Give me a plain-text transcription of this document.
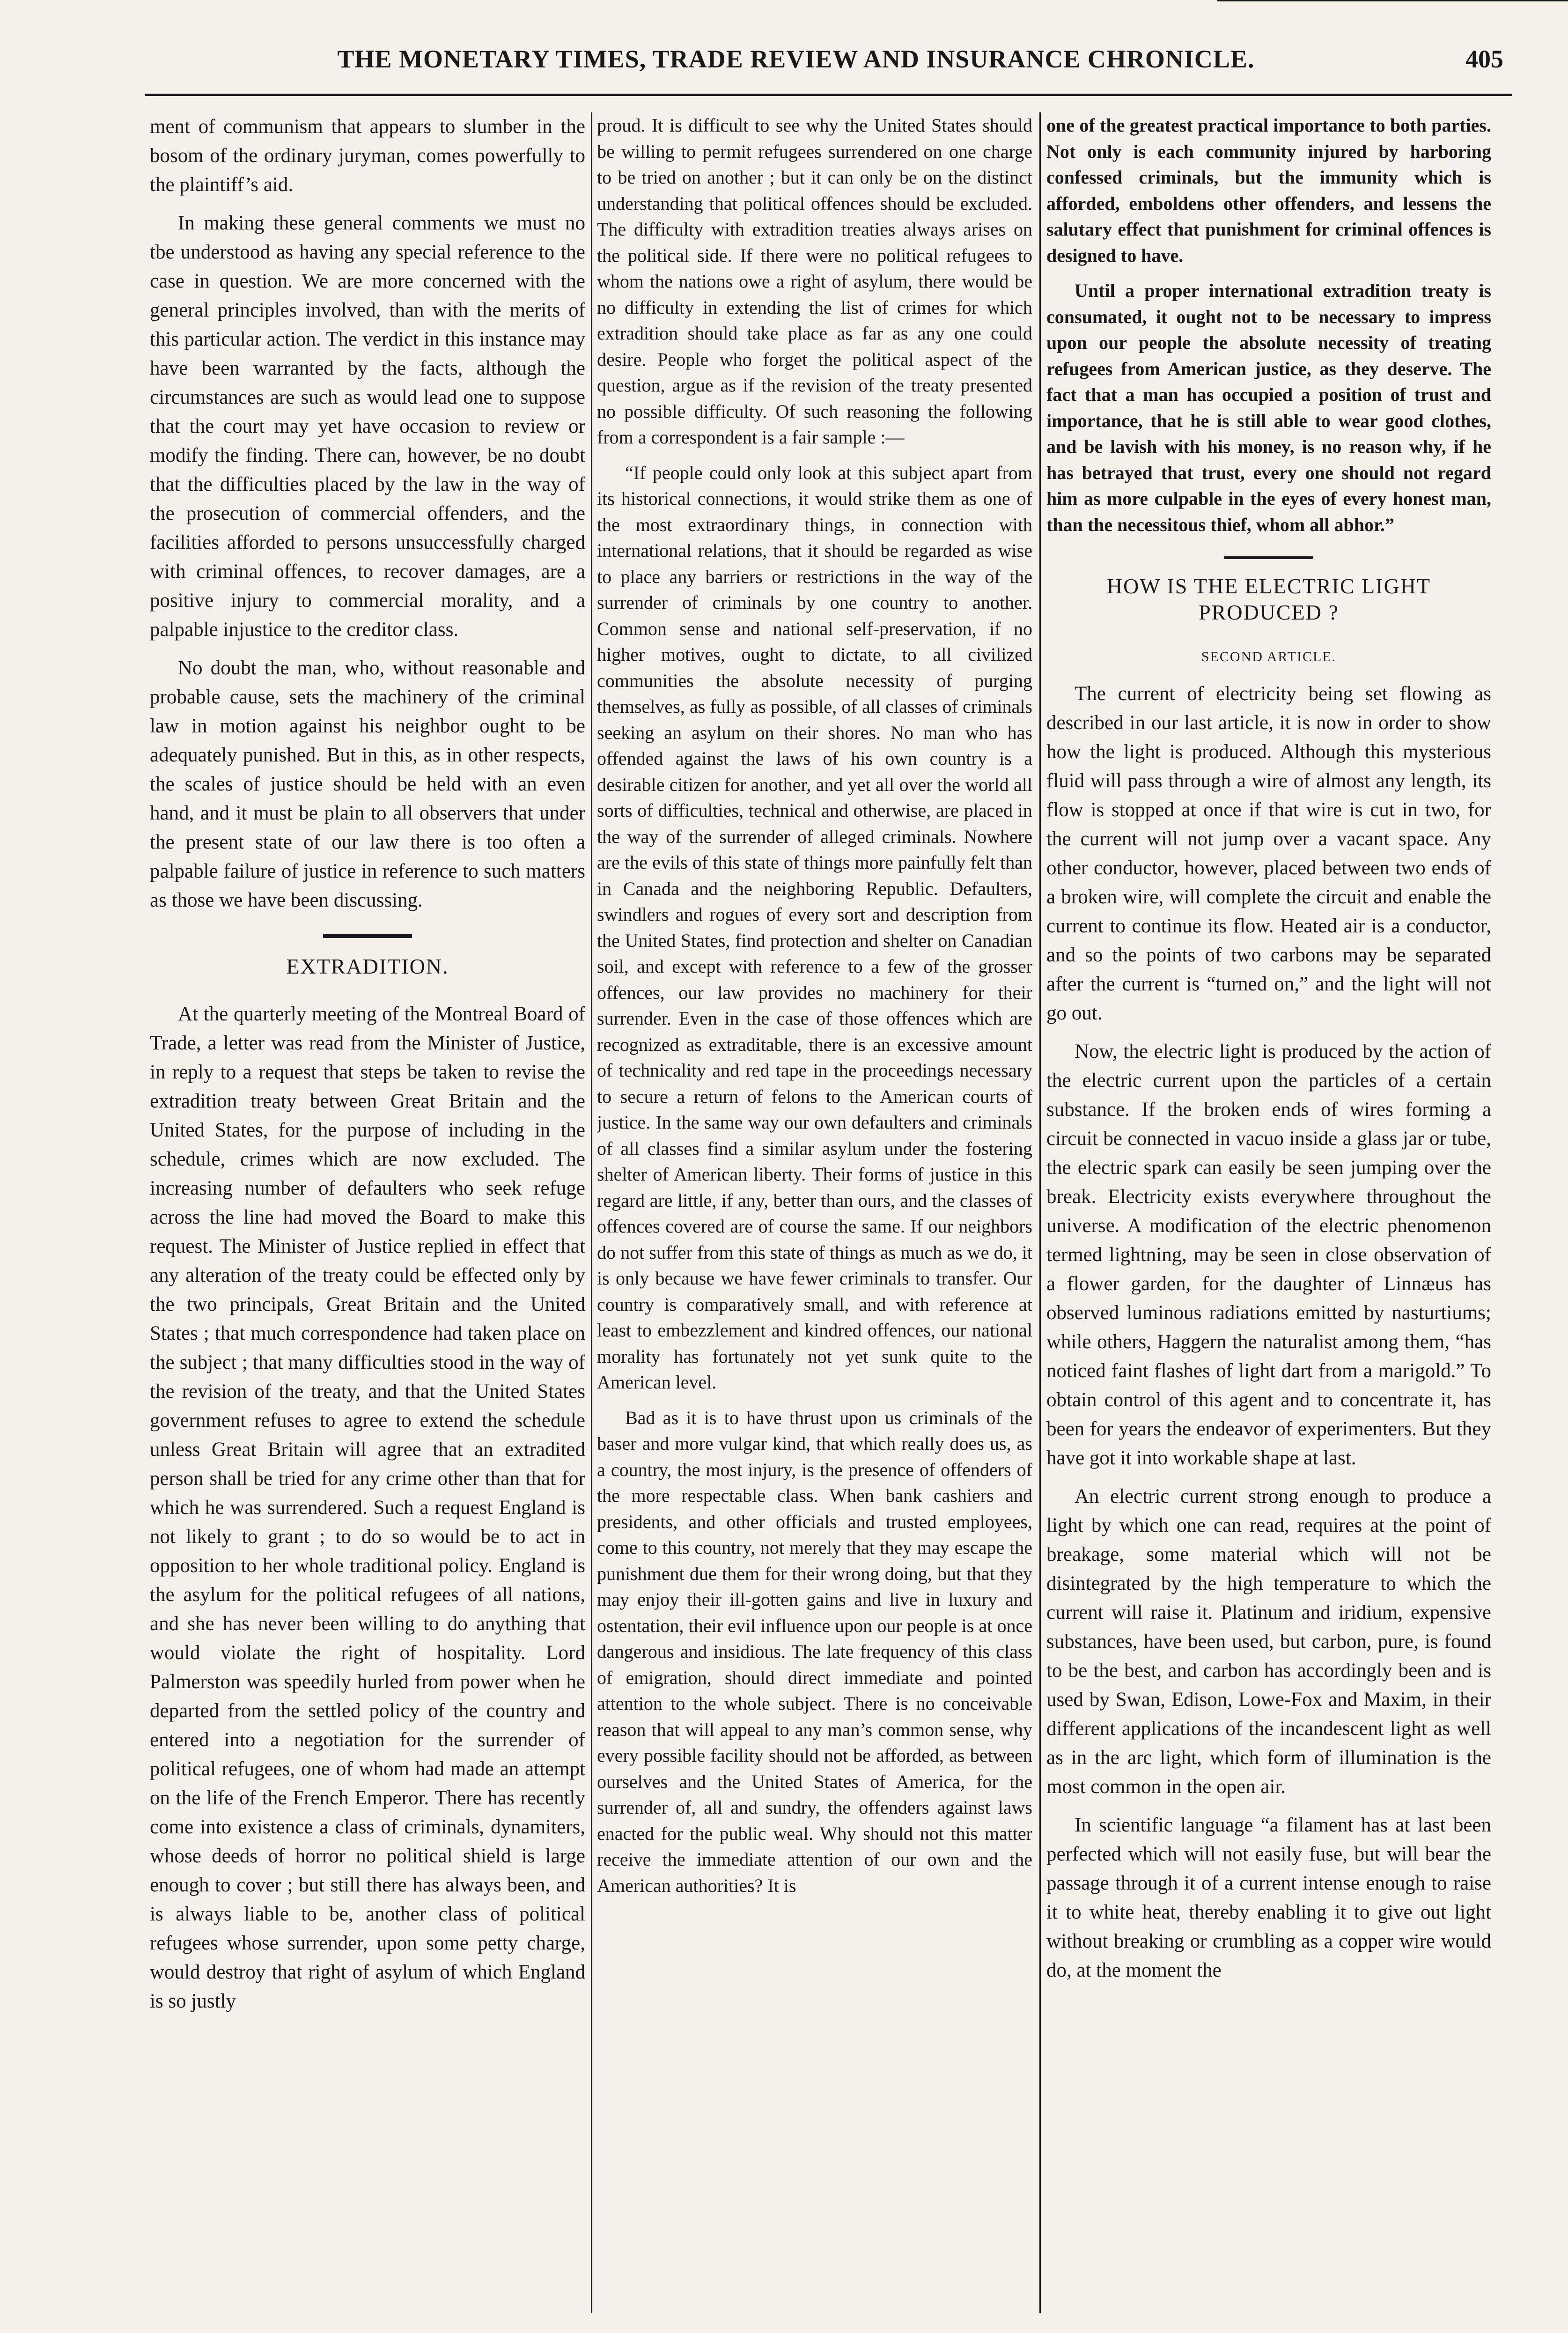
THE MONETARY TIMES, TRADE REVIEW AND INSURANCE CHRONICLE.	405

ment of communism that appears to slumber in the bosom of the ordinary juryman, comes powerfully to the plaintiff’s aid.

In making these general comments we must no tbe understood as having any special reference to the case in question. We are more concerned with the general principles involved, than with the merits of this particular action. The verdict in this instance may have been warranted by the facts, although the circumstances are such as would lead one to suppose that the court may yet have occasion to review or modify the finding. There can, however, be no doubt that the difficulties placed by the law in the way of the prosecution of commercial offenders, and the facilities afforded to persons unsuccessfully charged with criminal offences, to recover damages, are a positive injury to commercial morality, and a palpable injustice to the creditor class.

No doubt the man, who, without reasonable and probable cause, sets the machinery of the criminal law in motion against his neighbor ought to be adequately punished. But in this, as in other respects, the scales of justice should be held with an even hand, and it must be plain to all observers that under the present state of our law there is too often a palpable failure of justice in reference to such matters as those we have been discussing.

EXTRADITION.

At the quarterly meeting of the Montreal Board of Trade, a letter was read from the Minister of Justice, in reply to a request that steps be taken to revise the extradition treaty between Great Britain and the United States, for the purpose of including in the schedule, crimes which are now excluded. The increasing number of defaulters who seek refuge across the line had moved the Board to make this request. The Minister of Justice replied in effect that any alteration of the treaty could be effected only by the two principals, Great Britain and the United States ; that much correspondence had taken place on the subject ; that many difficulties stood in the way of the revision of the treaty, and that the United States government refuses to agree to extend the schedule unless Great Britain will agree that an extradited person shall be tried for any crime other than that for which he was surrendered. Such a request England is not likely to grant ; to do so would be to act in opposition to her whole traditional policy. England is the asylum for the political refugees of all nations, and she has never been willing to do anything that would violate the right of hospitality. Lord Palmerston was speedily hurled from power when he departed from the settled policy of the country and entered into a negotiation for the surrender of political refugees, one of whom had made an attempt on the life of the French Emperor. There has recently come into existence a class of criminals, dynamiters, whose deeds of horror no political shield is large enough to cover ; but still there has always been, and is always liable to be, another class of political refugees whose surrender, upon some petty charge, would destroy that right of asylum of which England is so justly

proud. It is difficult to see why the United States should be willing to permit refugees surrendered on one charge to be tried on another ; but it can only be on the distinct understanding that political offences should be excluded. The difficulty with extradition treaties always arises on the political side. If there were no political refugees to whom the nations owe a right of asylum, there would be no difficulty in extending the list of crimes for which extradition should take place as far as any one could desire. People who forget the political aspect of the question, argue as if the revision of the treaty presented no possible difficulty. Of such reasoning the following from a correspondent is a fair sample :—

“If people could only look at this subject apart from its historical connections, it would strike them as one of the most extraordinary things, in connection with international relations, that it should be regarded as wise to place any barriers or restrictions in the way of the surrender of criminals by one country to another. Common sense and national self-preservation, if no higher motives, ought to dictate, to all civilized communities the absolute necessity of purging themselves, as fully as possible, of all classes of criminals seeking an asylum on their shores. No man who has offended against the laws of his own country is a desirable citizen for another, and yet all over the world all sorts of difficulties, technical and otherwise, are placed in the way of the surrender of alleged criminals. Nowhere are the evils of this state of things more painfully felt than in Canada and the neighboring Republic. Defaulters, swindlers and rogues of every sort and description from the United States, find protection and shelter on Canadian soil, and except with reference to a few of the grosser offences, our law provides no machinery for their surrender. Even in the case of those offences which are recognized as extraditable, there is an excessive amount of technicality and red tape in the proceedings necessary to secure a return of felons to the American courts of justice. In the same way our own defaulters and criminals of all classes find a similar asylum under the fostering shelter of American liberty. Their forms of justice in this regard are little, if any, better than ours, and the classes of offences covered are of course the same. If our neighbors do not suffer from this state of things as much as we do, it is only because we have fewer criminals to transfer. Our country is comparatively small, and with reference at least to embezzlement and kindred offences, our national morality has fortunately not yet sunk quite to the American level.

Bad as it is to have thrust upon us criminals of the baser and more vulgar kind, that which really does us, as a country, the most injury, is the presence of offenders of the more respectable class. When bank cashiers and presidents, and other officials and trusted employees, come to this country, not merely that they may escape the punishment due them for their wrong doing, but that they may enjoy their ill-gotten gains and live in luxury and ostentation, their evil influence upon our people is at once dangerous and insidious. The late frequency of this class of emigration, should direct immediate and pointed attention to the whole subject. There is no conceivable reason that will appeal to any man’s common sense, why every possible facility should not be afforded, as between ourselves and the United States of America, for the surrender of, all and sundry, the offenders against laws enacted for the public weal. Why should not this matter receive the immediate attention of our own and the American authorities? It is

one of the greatest practical importance to both parties. Not only is each community injured by harboring confessed criminals, but the immunity which is afforded, emboldens other offenders, and lessens the salutary effect that punishment for criminal offences is designed to have.

Until a proper international extradition treaty is consumated, it ought not to be necessary to impress upon our people the absolute necessity of treating refugees from American justice, as they deserve. The fact that a man has occupied a position of trust and importance, that he is still able to wear good clothes, and be lavish with his money, is no reason why, if he has betrayed that trust, every one should not regard him as more culpable in the eyes of every honest man, than the necessitous thief, whom all abhor.”

HOW IS THE ELECTRIC LIGHT PRODUCED ?
SECOND ARTICLE.

The current of electricity being set flowing as described in our last article, it is now in order to show how the light is produced. Although this mysterious fluid will pass through a wire of almost any length, its flow is stopped at once if that wire is cut in two, for the current will not jump over a vacant space. Any other conductor, however, placed between two ends of a broken wire, will complete the circuit and enable the current to continue its flow. Heated air is a conductor, and so the points of two carbons may be separated after the current is “turned on,” and the light will not go out.

Now, the electric light is produced by the action of the electric current upon the particles of a certain substance. If the broken ends of wires forming a circuit be connected in vacuo inside a glass jar or tube, the electric spark can easily be seen jumping over the break. Electricity exists everywhere throughout the universe. A modification of the electric phenomenon termed lightning, may be seen in close observation of a flower garden, for the daughter of Linnæus has observed luminous radiations emitted by nasturtiums; while others, Haggern the naturalist among them, “has noticed faint flashes of light dart from a marigold.” To obtain control of this agent and to concentrate it, has been for years the endeavor of experimenters. But they have got it into workable shape at last.

An electric current strong enough to produce a light by which one can read, requires at the point of breakage, some material which will not be disintegrated by the high temperature to which the current will raise it. Platinum and iridium, expensive substances, have been used, but carbon, pure, is found to be the best, and carbon has accordingly been and is used by Swan, Edison, Lowe-Fox and Maxim, in their different applications of the incandescent light as well as in the arc light, which form of illumination is the most common in the open air.

In scientific language “a filament has at last been perfected which will not easily fuse, but will bear the passage through it of a current intense enough to raise it to white heat, thereby enabling it to give out light without breaking or crumbling as a copper wire would do, at the moment the
